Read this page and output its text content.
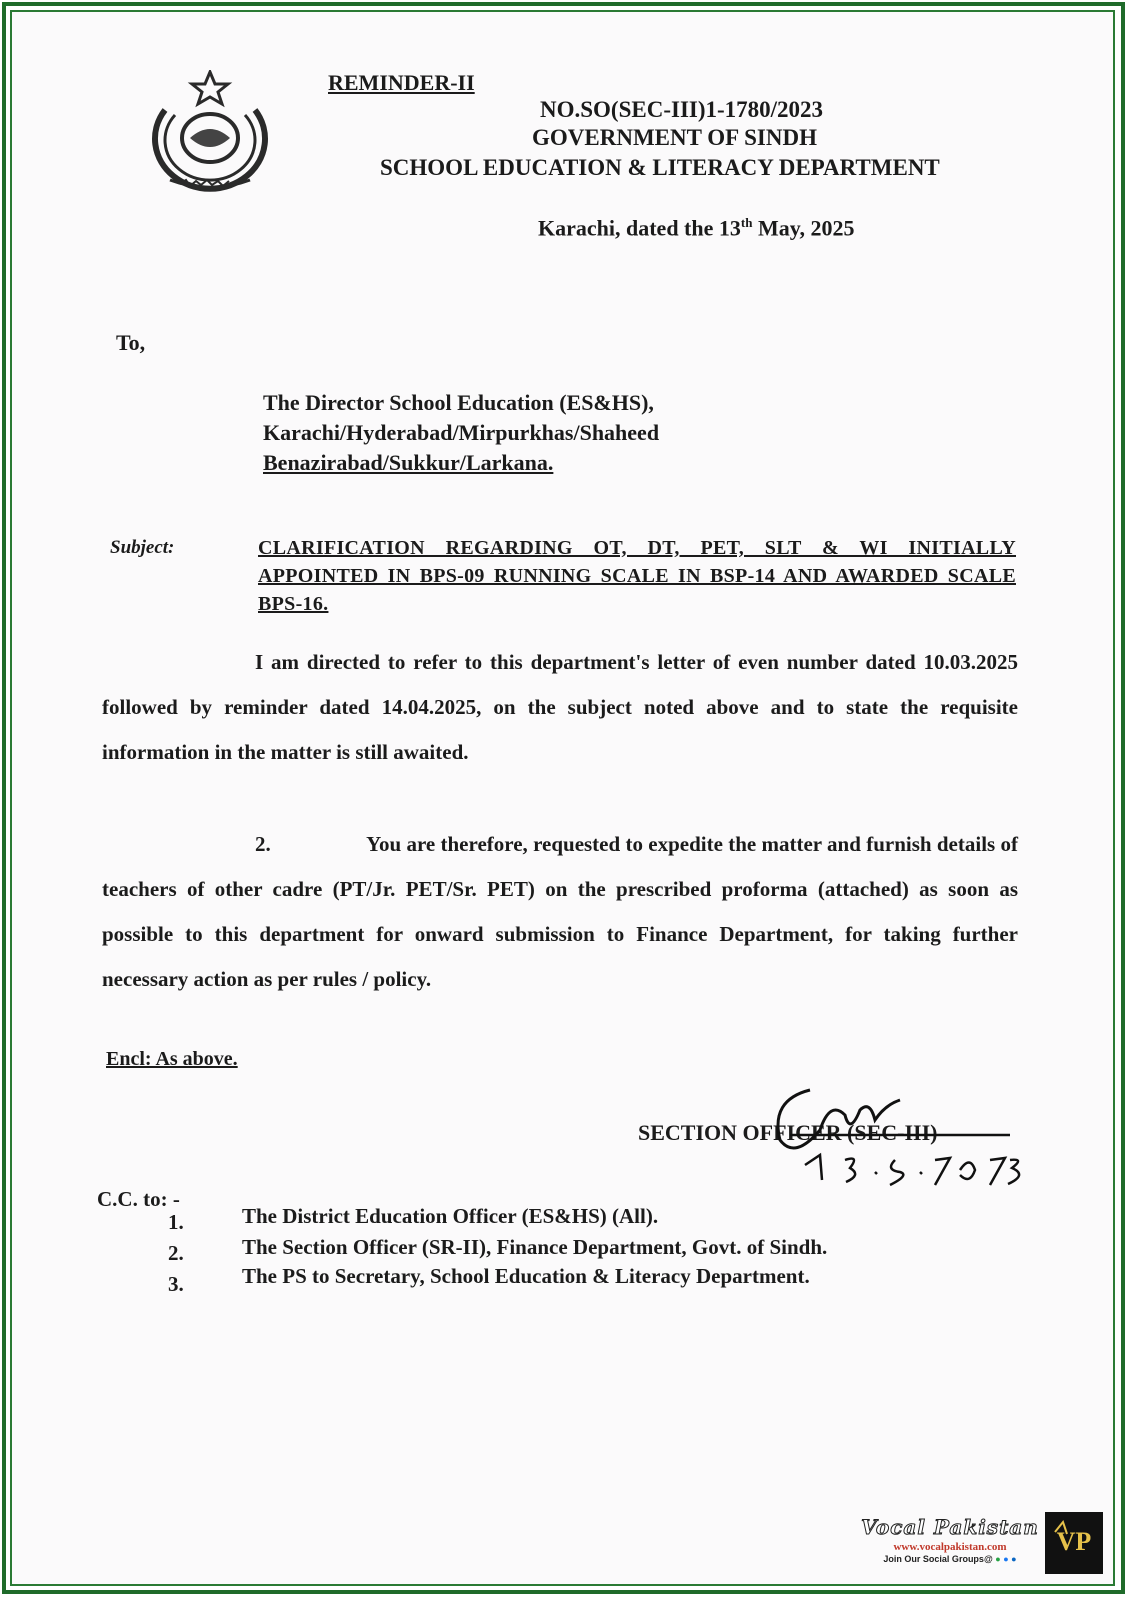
REMINDER-II
NO.SO(SEC-III)1-1780/2023
GOVERNMENT OF SINDH
SCHOOL EDUCATION & LITERACY DEPARTMENT
Karachi, dated the 13th May, 2025
To,
The Director School Education (ES&HS),
Karachi/Hyderabad/Mirpurkhas/Shaheed
Benazirabad/Sukkur/Larkana.
Subject:	CLARIFICATION REGARDING OT, DT, PET, SLT & WI INITIALLY APPOINTED IN BPS-09 RUNNING SCALE IN BSP-14 AND AWARDED SCALE BPS-16.
I am directed to refer to this department's letter of even number dated 10.03.2025 followed by reminder dated 14.04.2025, on the subject noted above and to state the requisite information in the matter is still awaited.
2.                  You are therefore, requested to expedite the matter and furnish details of teachers of other cadre (PT/Jr. PET/Sr. PET) on the prescribed proforma (attached) as soon as possible to this department for onward submission to Finance Department, for taking further necessary action as per rules / policy.
Encl: As above.
SECTION OFFICER (SEC-III)
C.C. to: -
1.	The District Education Officer (ES&HS) (All).
2.	The Section Officer (SR-II), Finance Department, Govt. of Sindh.
3.	The PS to Secretary, School Education & Literacy Department.
Vocal Pakistan
www.vocalpakistan.com
Join Our Social Groups@ ● ● ●
VP
